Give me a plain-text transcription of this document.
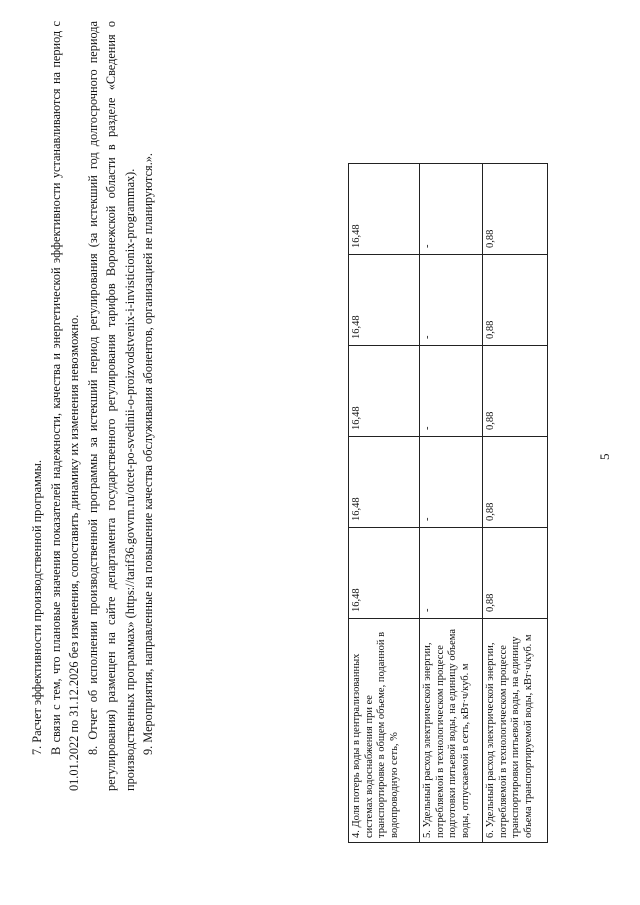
5
4. Доля потерь воды в централизованных системах водоснабжения при ее транспортировке в общем объеме, поданной в водопроводную сеть, %	16,48	16,48	16,48	16,48	16,48
5. Удельный расход электрической энергии, потребляемой в технологическом процессе подготовки питьевой воды, на единицу объема воды, отпускаемой в сеть, кВт·ч/куб. м	-	-	-	-	-
6. Удельный расход электрической энергии, потребляемой в технологическом процессе транспортировки питьевой воды, на единицу объема транспортируемой воды, кВт·ч/куб. м	0,88	0,88	0,88	0,88	0,88

7. Расчет эффективности производственной программы. В связи с тем, что плановые значения показателей надежности, качества и энергетической эффективности устанавливаются на период с 01.01.2022 по 31.12.2026 без изменения, сопоставить динамику их изменения невозможно. 8. Отчет об исполнении производственной программы за истекший период регулирования (за истекший год долгосрочного периода регулирования) размещен на сайте департамента государственного регулирования тарифов Воронежской области в разделе «Сведения о производственных программах» (https://tarif36.govvrn.ru/otcet-po-svedinii-o-proizvodstvenix-i-invisticionix-programmax). 9. Мероприятия, направленные на повышение качества обслуживания абонентов, организацией не планируются.».
